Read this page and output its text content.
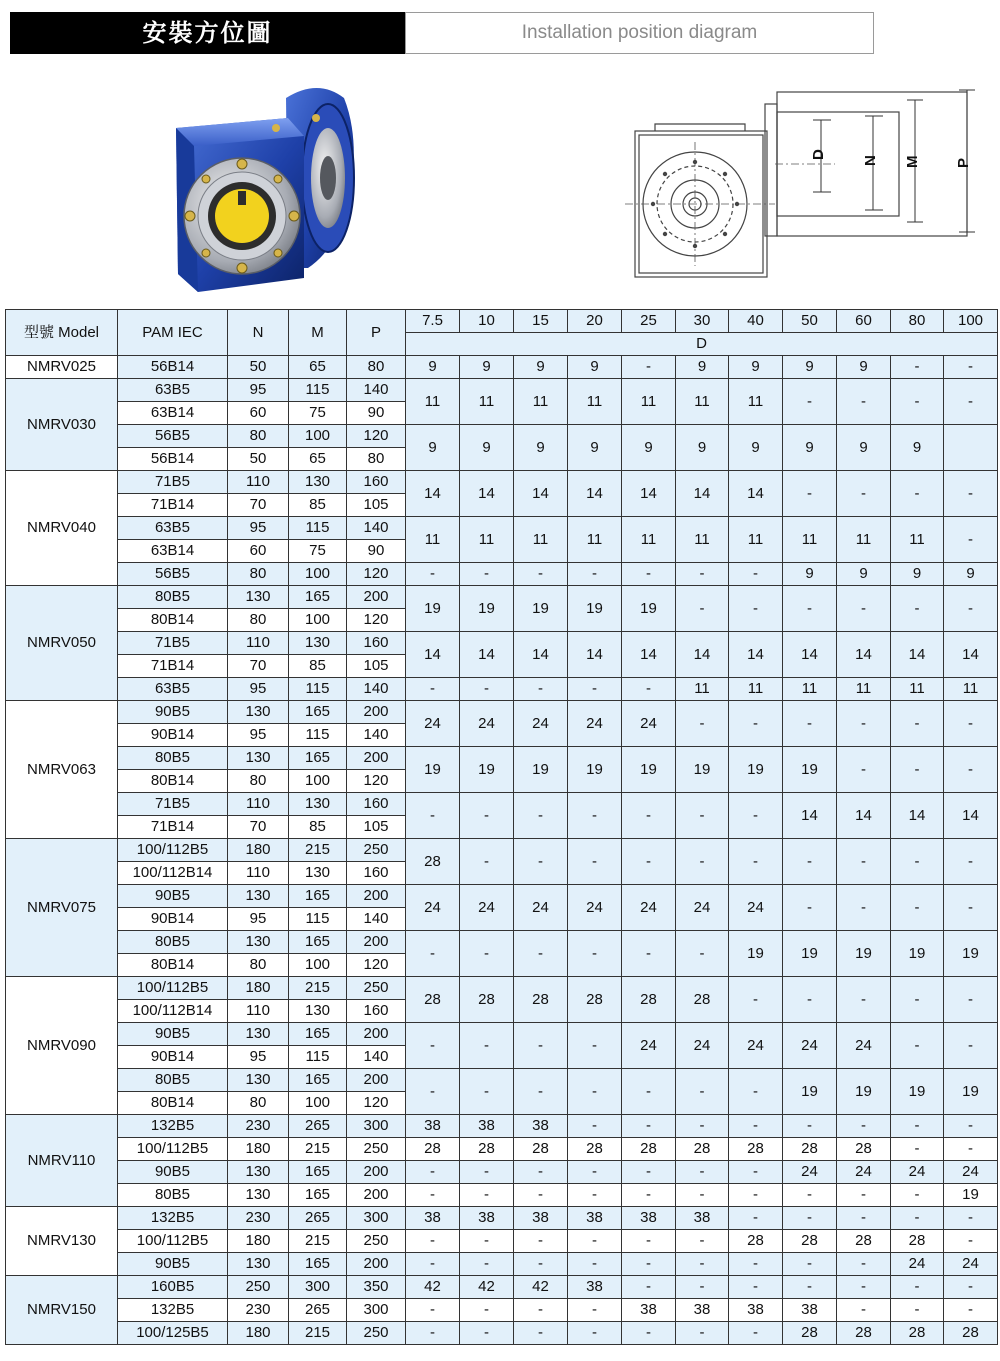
安裝方位圖	Installation position diagram
D
N M P
型號 Model	PAM IEC	N	M	P	7.5	10	15	20	25	30	40	50	60	80	100
					D										
NMRV025	56B14	50	65	80	9	9	9	9	-	9	9	9	9	-	-
NMRV030	63B5	95	115	140	11	11	11	11	11	11	11	-	-	-	-
	63B14	60	75	90											
	56B5	80	100	120	9	9	9	9	9	9	9	9	9	9	
	56B14	50	65	80											
NMRV040	71B5	110	130	160	14	14	14	14	14	14	14	-	-	-	-
	71B14	70	85	105											
	63B5	95	115	140	11	11	11	11	11	11	11	11	11	11	-
	63B14	60	75	90											
	56B5	80	100	120	-	-	-	-	-	-	-	9	9	9	9
NMRV050	80B5	130	165	200	19	19	19	19	19	-	-	-	-	-	-
	80B14	80	100	120											
	71B5	110	130	160	14	14	14	14	14	14	14	14	14	14	14
	71B14	70	85	105											
	63B5	95	115	140	-	-	-	-	-	11	11	11	11	11	11
NMRV063	90B5	130	165	200	24	24	24	24	24	-	-	-	-	-	-
	90B14	95	115	140											
	80B5	130	165	200	19	19	19	19	19	19	19	19	-	-	-
	80B14	80	100	120											
	71B5	110	130	160	-	-	-	-	-	-	-	14	14	14	14
	71B14	70	85	105											
NMRV075	100/112B5	180	215	250	28	-	-	-	-	-	-	-	-	-	-
	100/112B14	110	130	160											
	90B5	130	165	200	24	24	24	24	24	24	24	-	-	-	-
	90B14	95	115	140											
	80B5	130	165	200	-	-	-	-	-	-	19	19	19	19	19
	80B14	80	100	120											
NMRV090	100/112B5	180	215	250	28	28	28	28	28	28	-	-	-	-	-
	100/112B14	110	130	160											
	90B5	130	165	200	-	-	-	-	24	24	24	24	24	-	-
	90B14	95	115	140											
	80B5	130	165	200	-	-	-	-	-	-	-	19	19	19	19
	80B14	80	100	120											
NMRV110	132B5	230	265	300	38	38	38	-	-	-	-	-	-	-	-
	100/112B5	180	215	250	28	28	28	28	28	28	28	28	28	-	-
	90B5	130	165	200	-	-	-	-	-	-	-	24	24	24	24
	80B5	130	165	200	-	-	-	-	-	-	-	-	-	-	19
NMRV130	132B5	230	265	300	38	38	38	38	38	38	-	-	-	-	-
	100/112B5	180	215	250	-	-	-	-	-	-	28	28	28	28	-
	90B5	130	165	200	-	-	-	-	-	-	-	-	-	24	24
NMRV150	160B5	250	300	350	42	42	42	38	-	-	-	-	-	-	-
	132B5	230	265	300	-	-	-	-	38	38	38	38	-	-	-
	100/125B5	180	215	250	-	-	-	-	-	-	-	28	28	28	28
